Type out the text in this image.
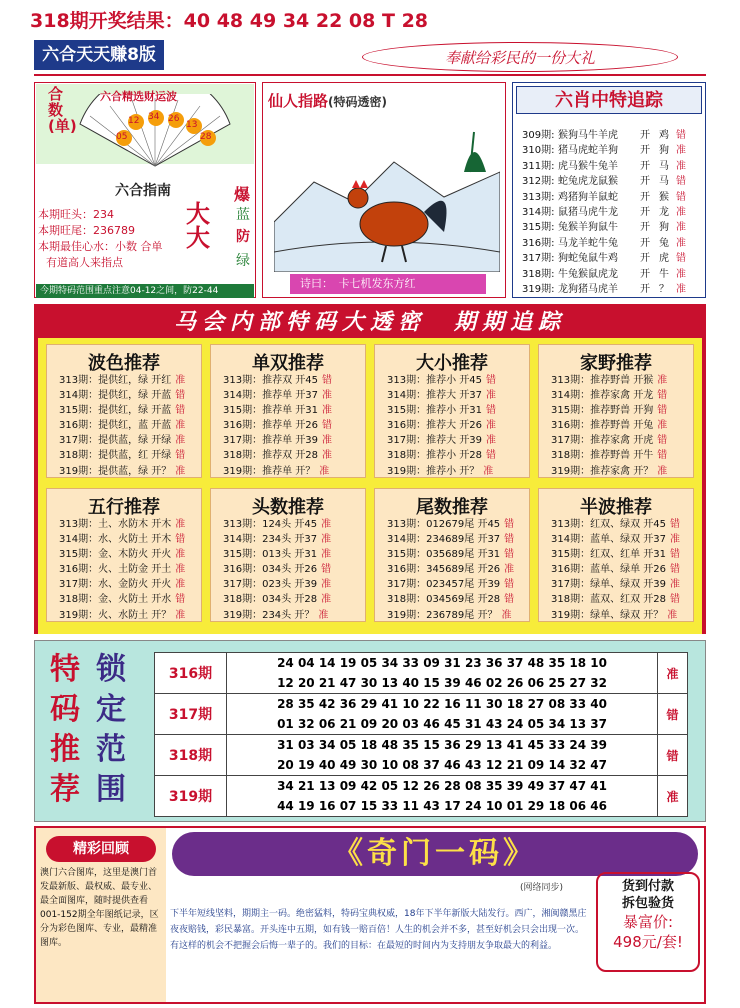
318期开奖结果：40 48 49 34 22 08 T 28
六合天天赚8版	奉献给彩民的一份大礼
合数(单)
六合精选财运波
12 34 26
13
05	28
六合指南
本期旺头：234
本期旺尾：236789
本期最佳心水：小数 合单
有道高人来指点
大大
爆
蓝
防
绿
今期特码范围重点注意04-12之间，防22-44
仙人指路(特码透密)
诗曰：　卡七机发东方红
六肖中特追踪
309期: 猴狗马牛羊虎	开 鸡 错
310期: 猪马虎蛇羊狗	开 狗 准
311期: 虎马猴牛兔羊	开 马 准
312期: 蛇兔虎龙鼠猴	开 马 错
313期: 鸡猪狗羊鼠蛇	开 猴 错
314期: 鼠猪马虎牛龙	开 龙 准
315期: 兔猴羊狗鼠牛	开 狗 准
316期: 马龙羊蛇牛兔	开 兔 准
317期: 狗蛇兔鼠牛鸡	开 虎 错
318期: 牛兔猴鼠虎龙	开 牛 准
319期: 龙狗猪马虎羊	开 ？ 准
马会内部特码大透密　期期追踪
波色推荐
313期：提供红，绿 开红 准
314期：提供红，绿 开蓝 错
315期：提供红，绿 开蓝 错
316期：提供红，蓝 开蓝 准
317期：提供蓝，绿 开绿 准
318期：提供蓝，红 开绿 错
319期：提供蓝，绿 开？ 准
单双推荐
313期：推荐双 开45 错
314期：推荐单 开37 准
315期：推荐单 开31 准
316期：推荐单 开26 错
317期：推荐单 开39 准
318期：推荐双 开28 准
319期：推荐单 开？ 准
大小推荐
313期：推荐小 开45 错
314期：推荐大 开37 准
315期：推荐小 开31 错
316期：推荐大 开26 准
317期：推荐大 开39 准
318期：推荐小 开28 错
319期：推荐小 开？ 准
家野推荐
313期：推荐野兽 开猴 准
314期：推荐家禽 开龙 错
315期：推荐野兽 开狗 错
316期：推荐野兽 开兔 准
317期：推荐家禽 开虎 错
318期：推荐野兽 开牛 错
319期：推荐家禽 开？ 准
五行推荐
313期：土、水防木 开木 准
314期：水、火防土 开木 错
315期：金、木防火 开火 准
316期：火、土防金 开土 准
317期：水、金防火 开火 准
318期：金、火防土 开水 错
319期：火、水防土 开？ 准
头数推荐
313期：124头 开45 准
314期：234头 开37 准
315期：013头 开31 准
316期：034头 开26 错
317期：023头 开39 准
318期：034头 开28 准
319期：234头 开？ 准
尾数推荐
313期：012679尾 开45 错
314期：234689尾 开37 错
315期：035689尾 开31 错
316期：345689尾 开26 准
317期：023457尾 开39 错
318期：034569尾 开28 错
319期：236789尾 开？ 准
半波推荐
313期：红双、绿双 开45 错
314期：蓝单、绿双 开37 准
315期：红双、红单 开31 错
316期：蓝单、绿单 开26 错
317期：绿单、绿双 开39 准
318期：蓝双、红双 开28 错
319期：绿单、绿双 开？ 准
特码推荐
锁定范围
316期	24 04 14 19 05 34 33 09 31 23 36 37 48 35 18 10
12 20 21 47 30 13 40 15 39 46 02 26 06 25 27 32	准
317期	28 35 42 36 29 41 10 22 16 11 30 18 27 08 33 40
01 32 06 21 09 20 03 46 45 31 43 24 05 34 13 37	错
318期	31 03 34 05 18 48 35 15 36 29 13 41 45 33 24 39
20 19 40 49 30 10 08 37 46 43 12 21 09 14 32 47	错
319期	34 21 13 09 42 05 12 26 28 08 35 39 49 37 47 41
44 19 16 07 15 33 11 43 17 24 10 01 29 18 06 46	准
精彩回顾
澳门六合图库，这里是澳门首发最新版、最权威、最专业、最全面图库，随时提供查看001-152期全年图纸记录，区分为彩色图库、专业，最精准图库。
《奇门一码》
(网络同步)
下半年短线坚料，期期主一码。绝密猛料，特码宝典权威，18年下半年新版大陆发行。西广，湘闽赣黑庄夜夜赔钱，彩民暴富。开头连中五期，如有钱一赔百倍！人生的机会并不多，甚至好机会只会出现一次。有这样的机会不把握会后悔一辈子的。我们的目标：在最短的时间内为支持朋友争取最大的利益。
货到付款
拆包验货
暴富价:
498元/套!
